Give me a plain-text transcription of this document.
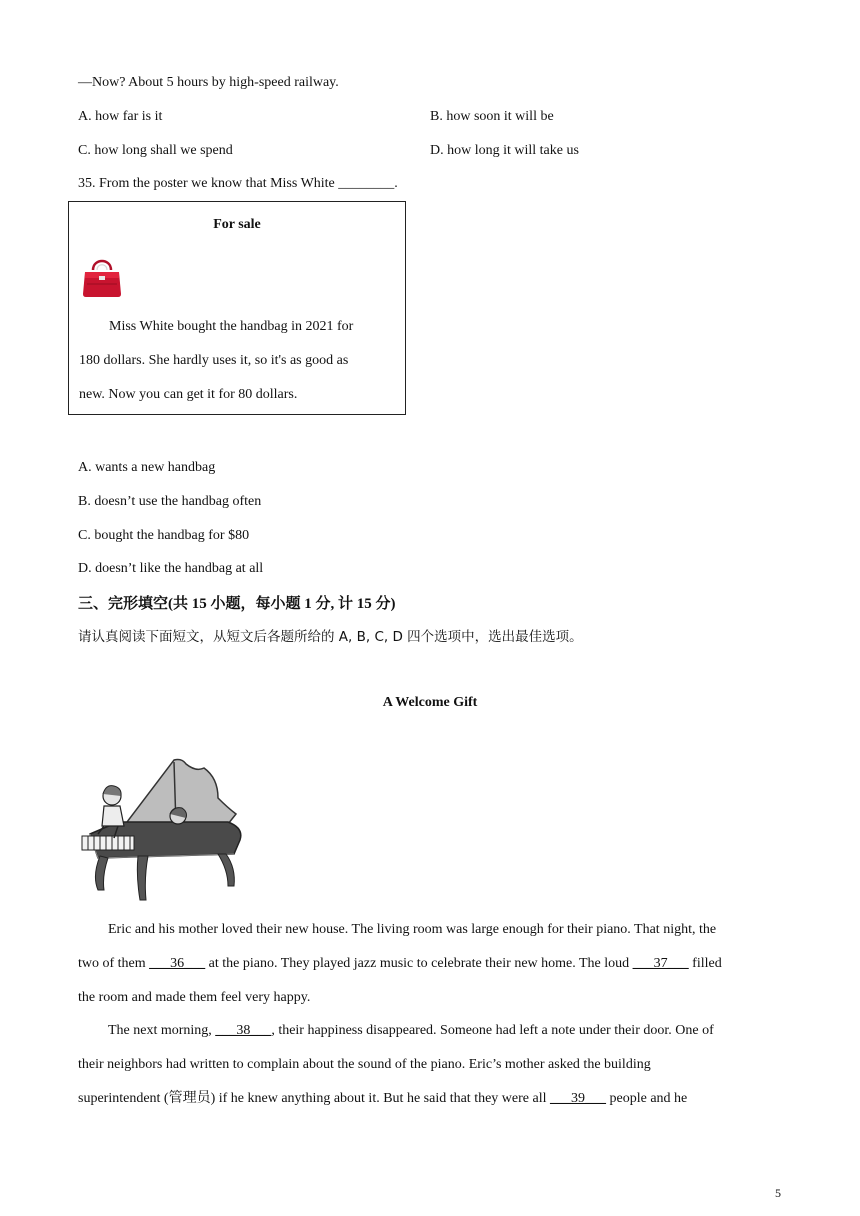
—Now? About 5 hours by high-speed railway.
A. how far is it	B. how soon it will be
C. how long shall we spend	D. how long it will take us
35. From the poster we know that Miss White ________.
For sale
Miss White bought the handbag in 2021 for
180 dollars. She hardly uses it, so it's as good as
new. Now you can get it for 80 dollars.
A. wants a new handbag
B. doesn’t use the handbag often
C. bought the handbag for $80
D. doesn’t like the handbag at all
三、完形填空(共 15 小题，每小题 1 分, 计 15 分)
请认真阅读下面短文，从短文后各题所给的 A, B, C, D 四个选项中，选出最佳选项。
A Welcome Gift
Eric and his mother loved their new house. The living room was large enough for their piano. That night, the
two of them ___36___ at the piano. They played jazz music to celebrate their new home. The loud ___37___ filled
the room and made them feel very happy.
The next morning, ___38___, their happiness disappeared. Someone had left a note under their door. One of
their neighbors had written to complain about the sound of the piano. Eric’s mother asked the building
superintendent (管理员) if he knew anything about it. But he said that they were all ___39___ people and he
5
